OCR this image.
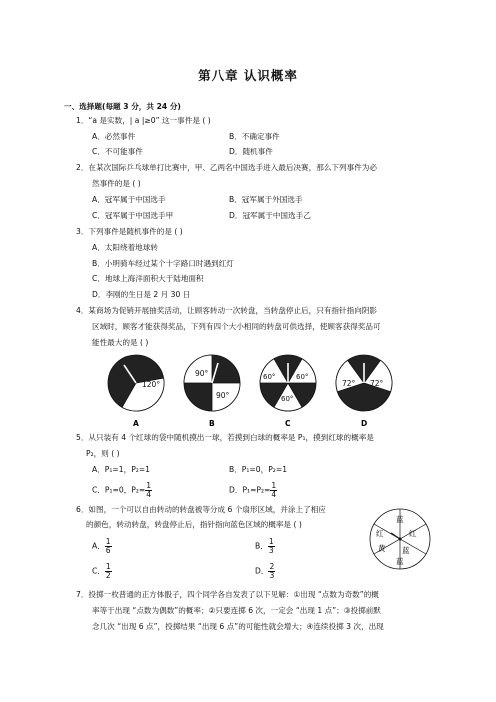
第八章 认识概率
一、选择题(每题 3 分，共 24 分)
1．“a 是实数，| a |≥0” 这一事件是 ( )
A．必然事件	B．不确定事件
C．不可能事件	D．随机事件
2．在某次国际乒乓球单打比赛中，甲、乙两名中国选手进入最后决赛，那么下列事件为必
然事件的是 ( )
A．冠军属于中国选手	B．冠军属于外国选手
C．冠军属于中国选手甲	D．冠军属于中国选手乙
3．下列事件是随机事件的是 ( )
A．太阳绕着地球转
B．小明骑车经过某个十字路口时遇到红灯
C．地球上海洋面积大于陆地面积
D．李刚的生日是 2 月 30 日
4．某商场为促销开展抽奖活动，让顾客转动一次转盘，当转盘停止后，只有指针指向阴影
区域时，顾客才能获得奖品，下列有四个大小相同的转盘可供选择，使顾客获得奖品可
能性最大的是 ( )
120°
90°
90°
60°	60°
60°
72° 72°
A	B	C	D
5．从只装有 4 个红球的袋中随机摸出一球，若摸到白球的概率是 P₁，摸到红球的概率是
P₂，则 ( )
A．P₁=1，P₂=1	B．P₁=0，P₂=1
C．P₁=0，$P_2= \frac{1}{4}$	D．$P_1=P_2= \frac{1}{4}$
6．如图，一个可以自由转动的转盘被等分成 6 个扇形区域，并涂上了相应
的颜色，转动转盘，转盘停止后，指针指向蓝色区域的概率是 ( )
A． $\frac{1}{6}$	B． $\frac{1}{3}$
C． $\frac{1}{2}$	D． $\frac{2}{3}$
蓝
红
蓝
蓝
黄
红
7．投掷一枚普通的正方体骰子，四个同学各自发表了以下见解：①出现 “点数为奇数”的概
率等于出现 “点数为偶数”的概率；②只要连掷 6 次，一定会 “出现 1 点”；③投掷前默
念几次 “出现 6 点”，投掷结果 “出现 6 点”的可能性就会增大；④连续投掷 3 次，出现
